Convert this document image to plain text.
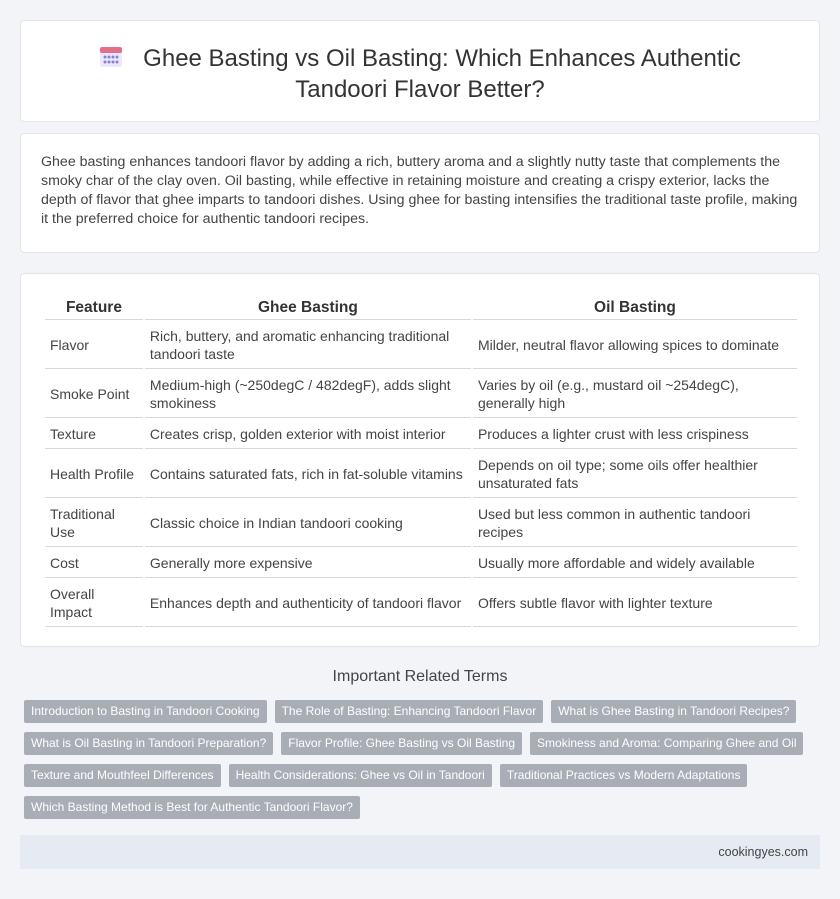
Ghee Basting vs Oil Basting: Which Enhances Authentic Tandoori Flavor Better?

Ghee basting enhances tandoori flavor by adding a rich, buttery aroma and a slightly nutty taste that complements the smoky char of the clay oven. Oil basting, while effective in retaining moisture and creating a crispy exterior, lacks the depth of flavor that ghee imparts to tandoori dishes. Using ghee for basting intensifies the traditional taste profile, making it the preferred choice for authentic tandoori recipes.

Feature	Ghee Basting	Oil Basting
Flavor	Rich, buttery, and aromatic enhancing traditional tandoori taste	Milder, neutral flavor allowing spices to dominate
Smoke Point	Medium-high (~250degC / 482degF), adds slight smokiness	Varies by oil (e.g., mustard oil ~254degC), generally high
Texture	Creates crisp, golden exterior with moist interior	Produces a lighter crust with less crispiness
Health Profile	Contains saturated fats, rich in fat-soluble vitamins	Depends on oil type; some oils offer healthier unsaturated fats
Traditional Use	Classic choice in Indian tandoori cooking	Used but less common in authentic tandoori recipes
Cost	Generally more expensive	Usually more affordable and widely available
Overall Impact	Enhances depth and authenticity of tandoori flavor	Offers subtle flavor with lighter texture
Important Related Terms
Introduction to Basting in Tandoori Cooking	The Role of Basting: Enhancing Tandoori Flavor	What is Ghee Basting in Tandoori Recipes?
What is Oil Basting in Tandoori Preparation?	Flavor Profile: Ghee Basting vs Oil Basting	Smokiness and Aroma: Comparing Ghee and Oil
Texture and Mouthfeel Differences	Health Considerations: Ghee vs Oil in Tandoori	Traditional Practices vs Modern Adaptations
Which Basting Method is Best for Authentic Tandoori Flavor?
cookingyes.com
